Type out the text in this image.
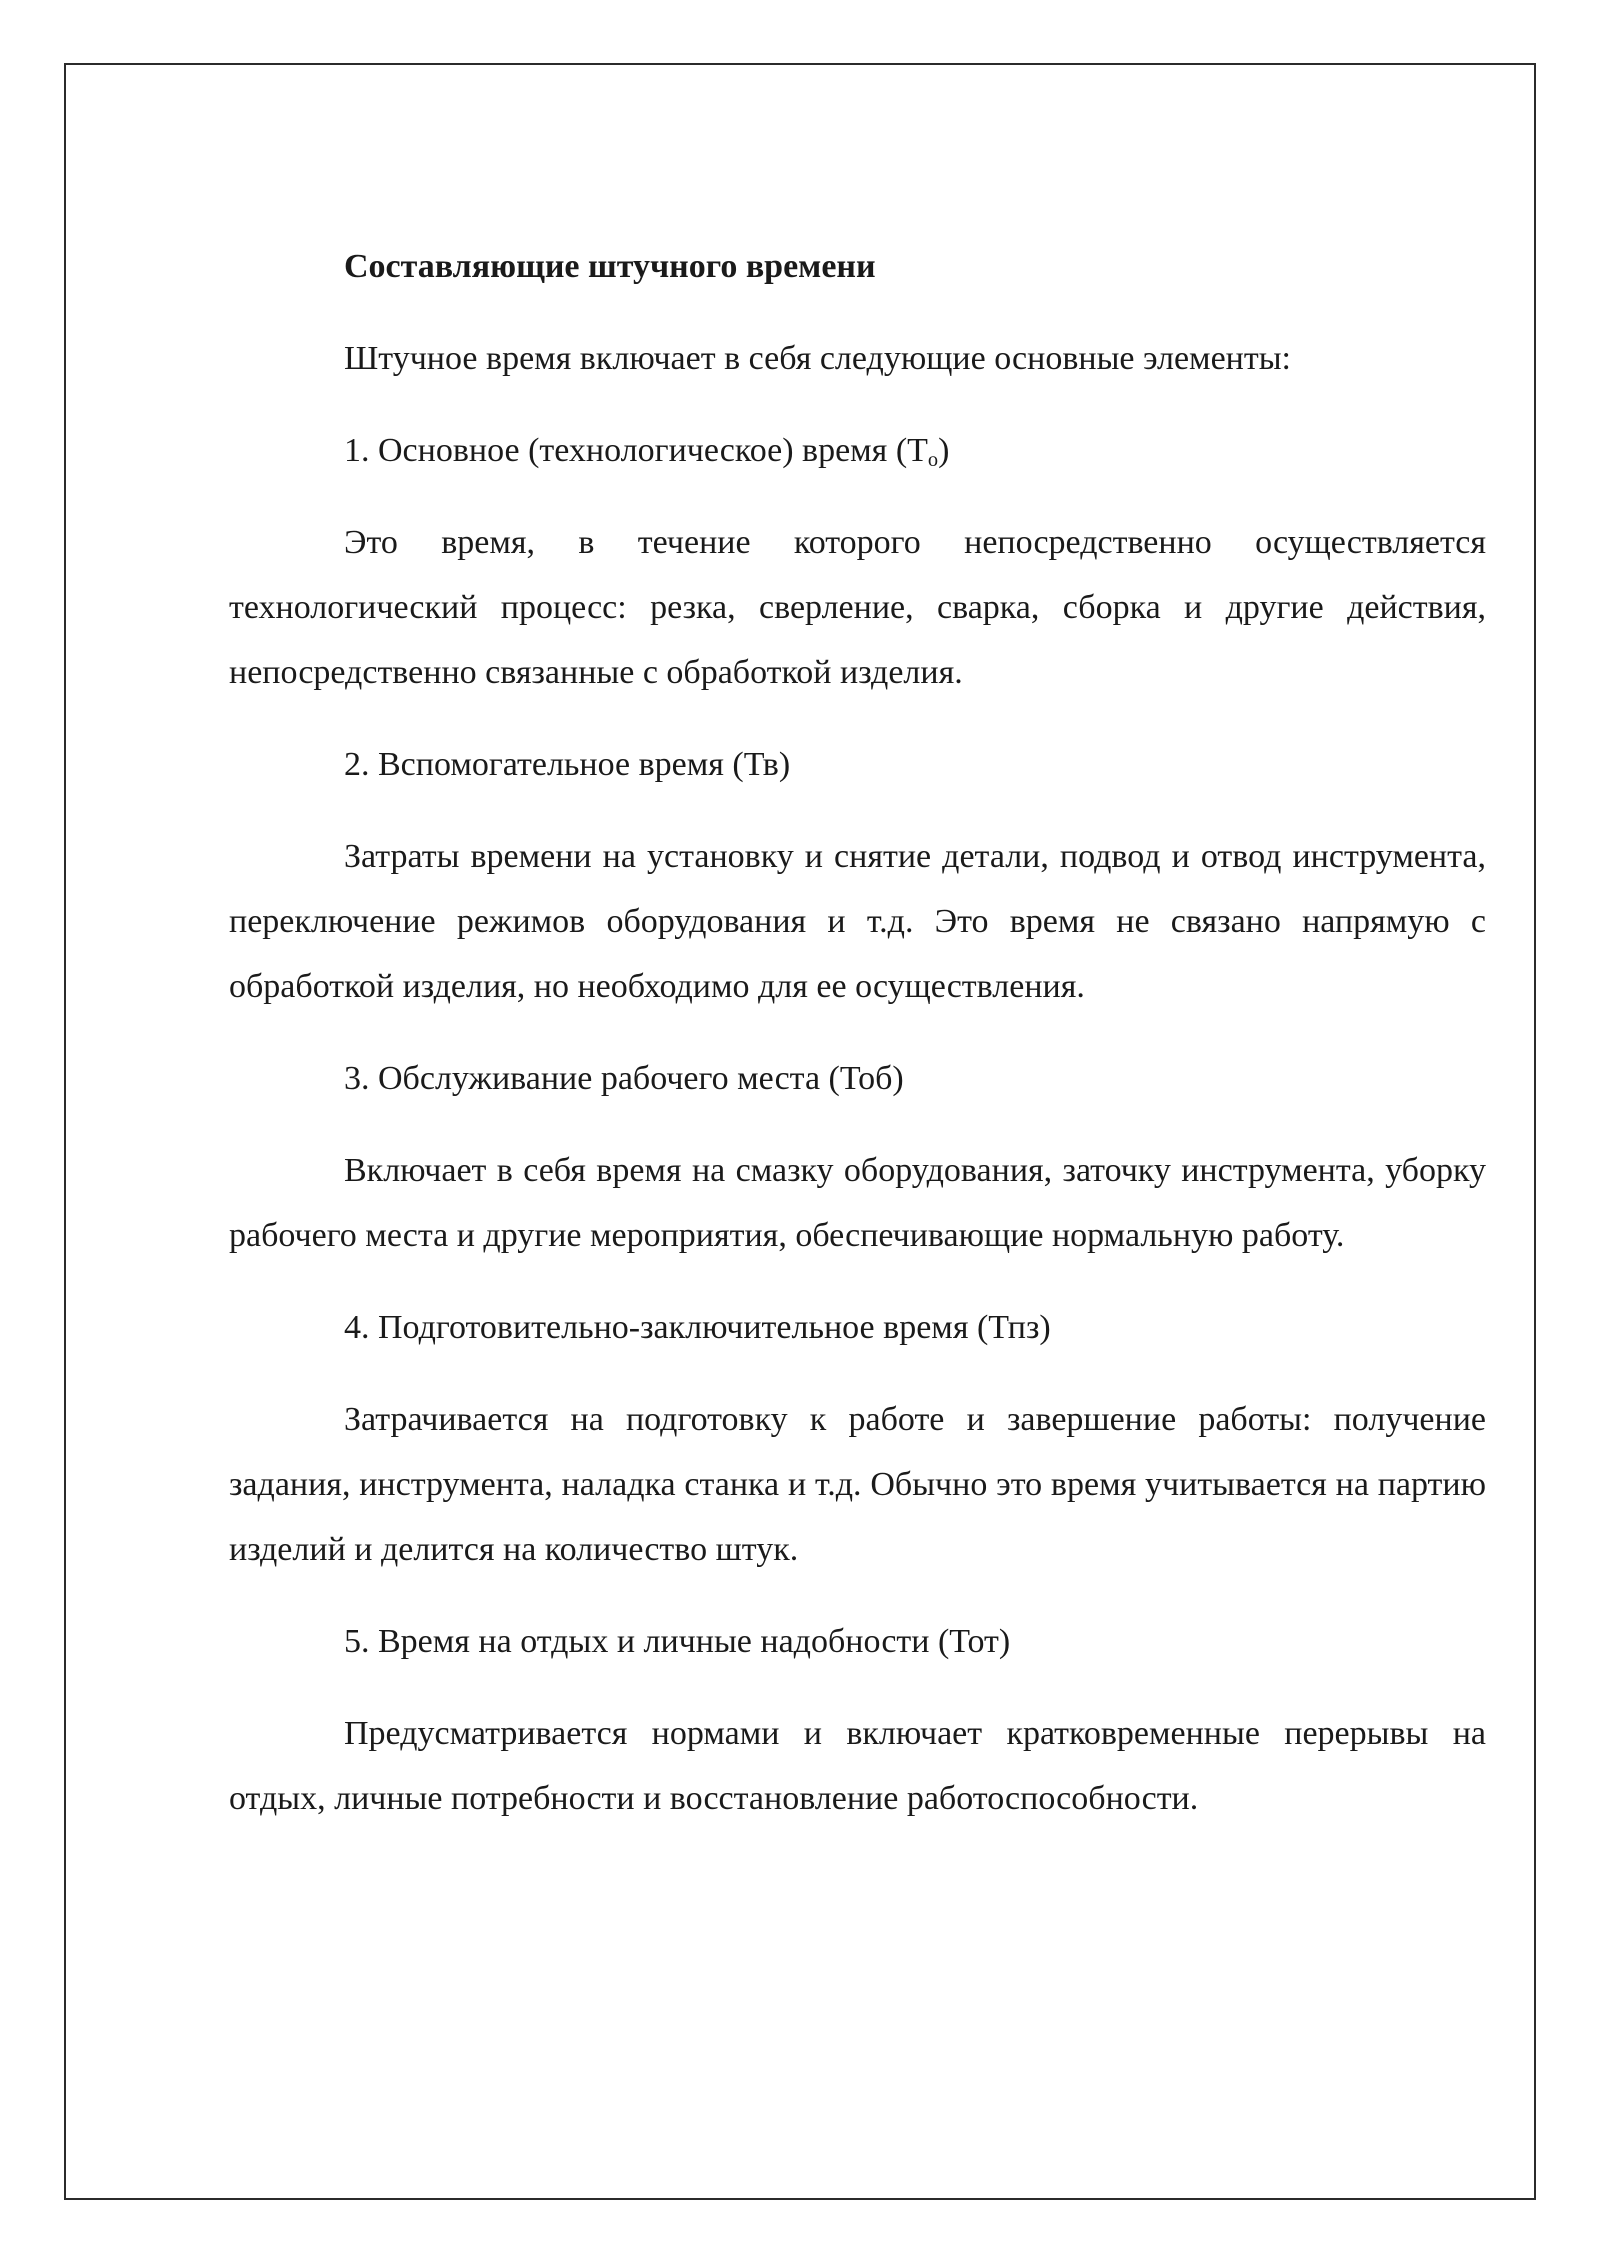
Составляющие штучного времени

Штучное время включает в себя следующие основные элементы:

1. Основное (технологическое) время $(Т_о)$

Это время, в течение которого непосредственно осуществляется технологический процесс: резка, сверление, сварка, сборка и другие действия, непосредственно связанные с обработкой изделия.

2. Вспомогательное время (Тв)

Затраты времени на установку и снятие детали, подвод и отвод инструмента, переключение режимов оборудования и т.д. Это время не связано напрямую с обработкой изделия, но необходимо для ее осуществления.

3. Обслуживание рабочего места (Тоб)

Включает в себя время на смазку оборудования, заточку инструмента, уборку рабочего места и другие мероприятия, обеспечивающие нормальную работу.

4. Подготовительно-заключительное время (Тпз)

Затрачивается на подготовку к работе и завершение работы: получение задания, инструмента, наладка станка и т.д. Обычно это время учитывается на партию изделий и делится на количество штук.

5. Время на отдых и личные надобности (Тот)

Предусматривается нормами и включает кратковременные перерывы на отдых, личные потребности и восстановление работоспособности.
